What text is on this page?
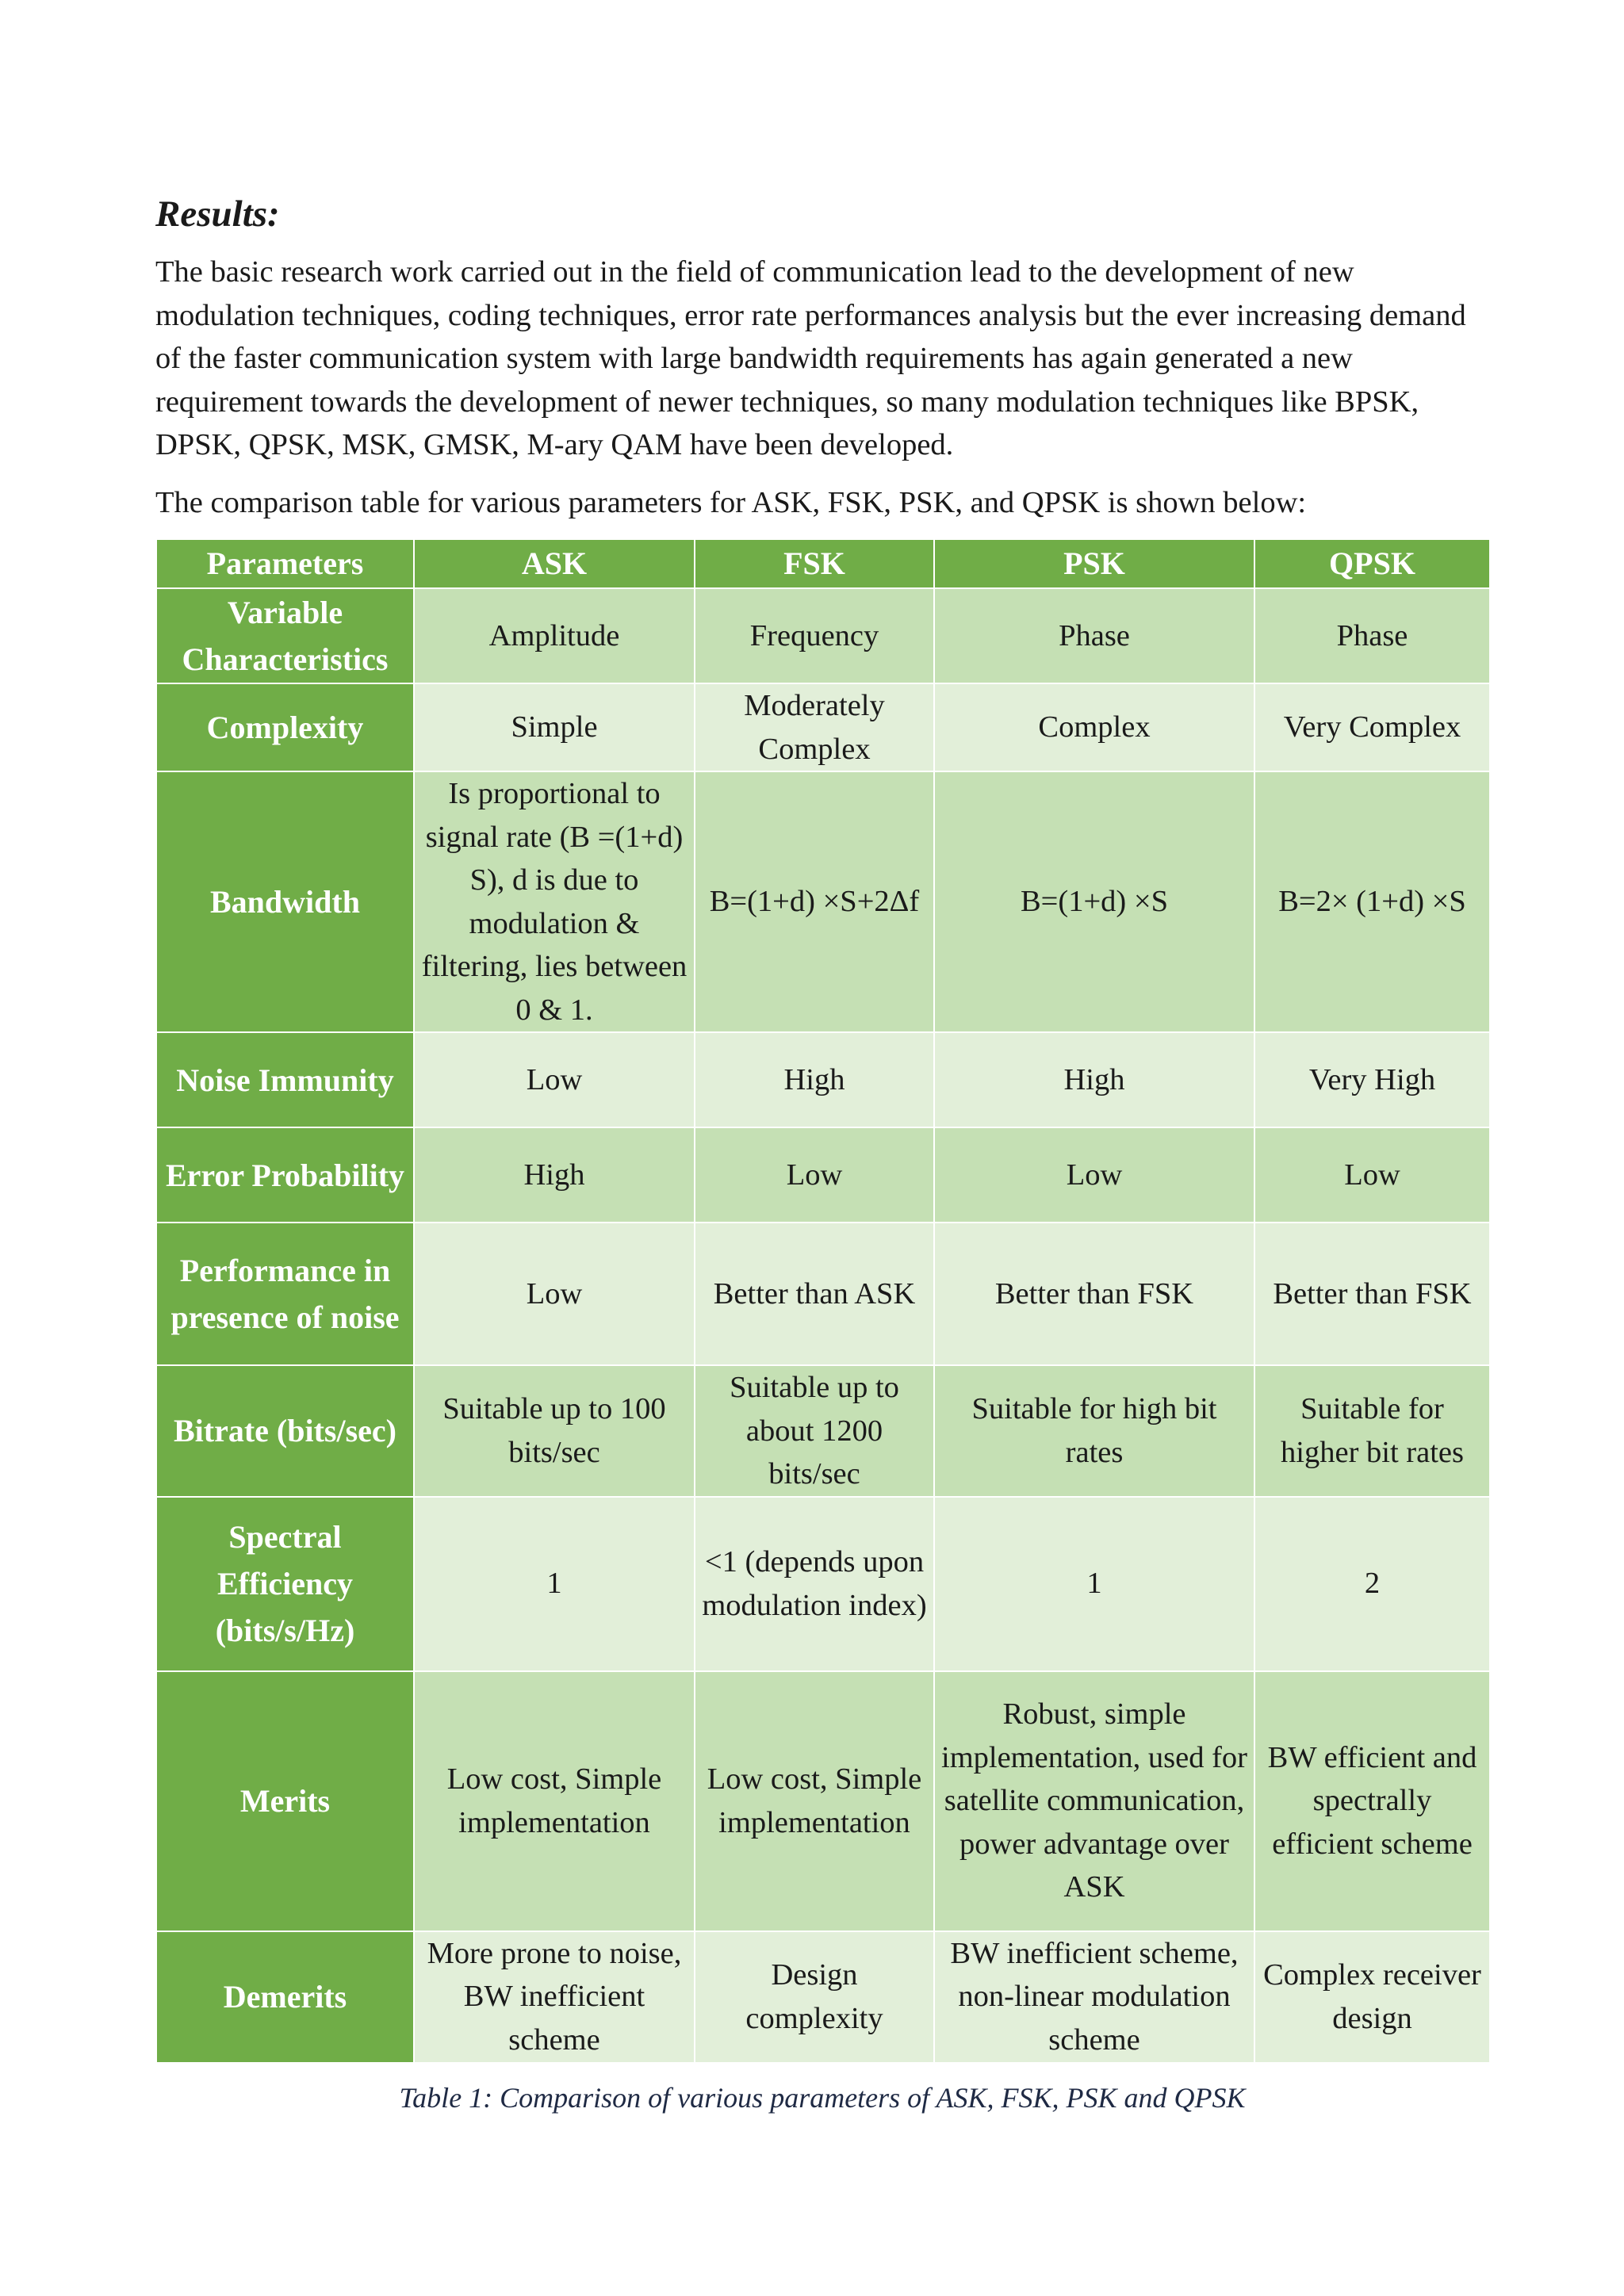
Results:

The basic research work carried out in the field of communication lead to the development of new modulation techniques, coding techniques, error rate performances analysis but the ever increasing demand of the faster communication system with large bandwidth requirements has again generated a new requirement towards the development of newer techniques, so many modulation techniques like BPSK, DPSK, QPSK, MSK, GMSK, M-ary QAM have been developed.

The comparison table for various parameters for ASK, FSK, PSK, and QPSK is shown below:

Parameters	ASK	FSK	PSK	QPSK
Variable Characteristics	Amplitude	Frequency	Phase	Phase
Complexity	Simple	Moderately Complex	Complex	Very Complex
Bandwidth	Is proportional to signal rate (B =(1+d) S), d is due to modulation & filtering, lies between 0 & 1.	B=(1+d) ×S+2Δf	B=(1+d) ×S	B=2× (1+d) ×S
Noise Immunity	Low	High	High	Very High
Error Probability	High	Low	Low	Low
Performance in presence of noise	Low	Better than ASK	Better than FSK	Better than FSK
Bitrate (bits/sec)	Suitable up to 100 bits/sec	Suitable up to about 1200 bits/sec	Suitable for high bit rates	Suitable for higher bit rates
Spectral Efficiency (bits/s/Hz)	1	<1 (depends upon modulation index)	1	2
Merits	Low cost, Simple implementation	Low cost, Simple implementation	Robust, simple implementation, used for satellite communication, power advantage over ASK	BW efficient and spectrally efficient scheme
Demerits	More prone to noise, BW inefficient scheme	Design complexity	BW inefficient scheme, non-linear modulation scheme	Complex receiver design
Table 1: Comparison of various parameters of ASK, FSK, PSK and QPSK
